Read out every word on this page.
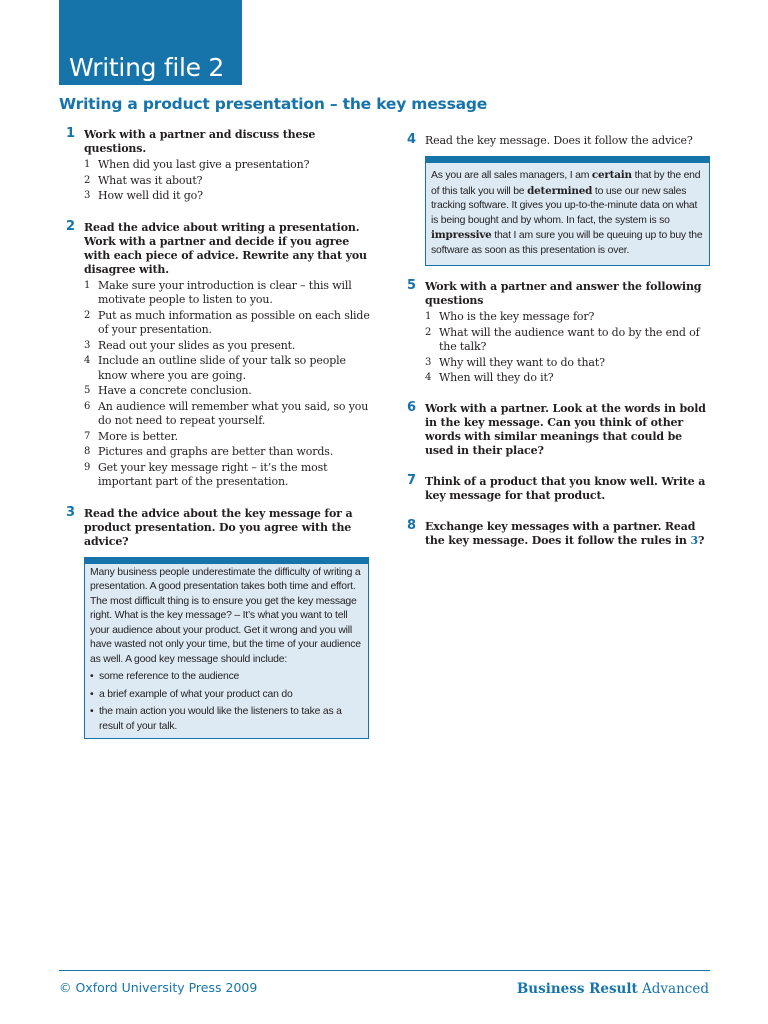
Writing file 2
Writing a product presentation – the key message
1 Work with a partner and discuss these questions.
1 When did you last give a presentation?
2 What was it about?
3 How well did it go?
2 Read the advice about writing a presentation. Work with a partner and decide if you agree with each piece of advice. Rewrite any that you disagree with.
1 Make sure your introduction is clear – this will motivate people to listen to you.
2 Put as much information as possible on each slide of your presentation.
3 Read out your slides as you present.
4 Include an outline slide of your talk so people know where you are going.
5 Have a concrete conclusion.
6 An audience will remember what you said, so you do not need to repeat yourself.
7 More is better.
8 Pictures and graphs are better than words.
9 Get your key message right – it’s the most important part of the presentation.
3 Read the advice about the key message for a product presentation. Do you agree with the advice?
Many business people underestimate the difficulty of writing a presentation. A good presentation takes both time and effort. The most difficult thing is to ensure you get the key message right. What is the key message? – It’s what you want to tell your audience about your product. Get it wrong and you will have wasted not only your time, but the time of your audience as well. A good key message should include:
• some reference to the audience
• a brief example of what your product can do
• the main action you would like the listeners to take as a result of your talk.
4 Read the key message. Does it follow the advice?
As you are all sales managers, I am certain that by the end of this talk you will be determined to use our new sales tracking software. It gives you up-to-the-minute data on what is being bought and by whom. In fact, the system is so impressive that I am sure you will be queuing up to buy the software as soon as this presentation is over.
5 Work with a partner and answer the following questions
1 Who is the key message for?
2 What will the audience want to do by the end of the talk?
3 Why will they want to do that?
4 When will they do it?
6 Work with a partner. Look at the words in bold in the key message. Can you think of other words with similar meanings that could be used in their place?
7 Think of a product that you know well. Write a key message for that product.
8 Exchange key messages with a partner. Read the key message. Does it follow the rules in 3?
© Oxford University Press 2009	Business Result Advanced
